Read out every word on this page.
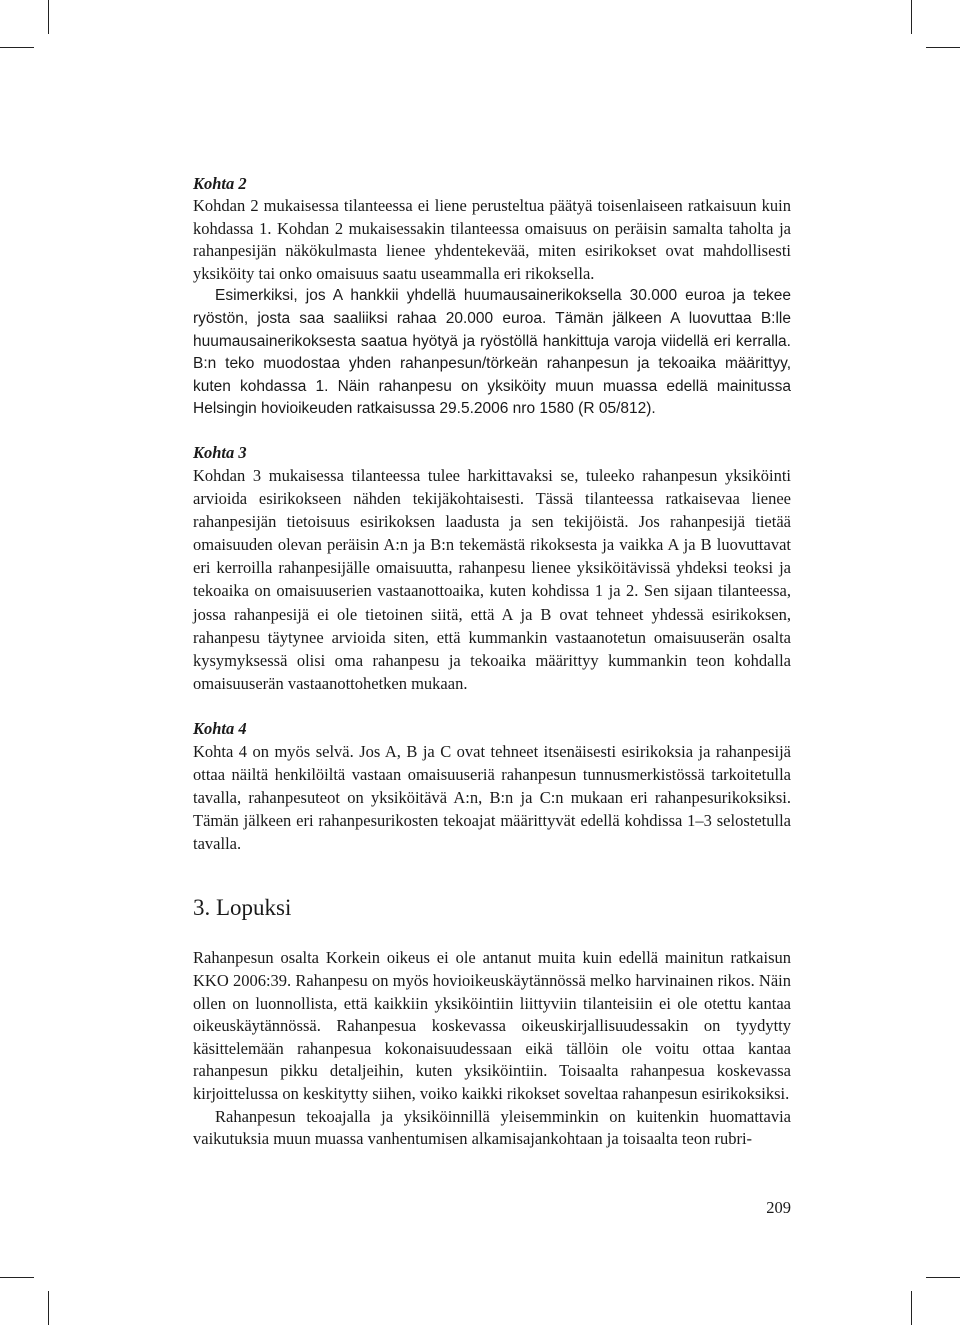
Kohta 2

Kohdan 2 mukaisessa tilanteessa ei liene perusteltua päätyä toisenlaiseen ratkaisuun kuin kohdassa 1. Kohdan 2 mukaisessakin tilanteessa omaisuus on peräisin samalta taholta ja rahanpesijän näkökulmasta lienee yhdentekevää, miten esirikokset ovat mahdollisesti yksiköity tai onko omaisuus saatu useammalla eri rikoksella.

Esimerkiksi, jos A hankkii yhdellä huumausainerikoksella 30.000 euroa ja tekee ryöstön, josta saa saaliiksi rahaa 20.000 euroa. Tämän jälkeen A luovuttaa B:lle huumausainerikoksesta saatua hyötyä ja ryöstöllä hankittuja varoja viidellä eri kerralla. B:n teko muodostaa yhden rahanpesun/törkeän rahanpesun ja tekoaika määrittyy, kuten kohdassa 1. Näin rahanpesu on yksiköity muun muassa edellä mainitussa Helsingin hovioikeuden ratkaisussa 29.5.2006 nro 1580 (R 05/812).

Kohta 3

Kohdan 3 mukaisessa tilanteessa tulee harkittavaksi se, tuleeko rahanpesun yksiköinti arvioida esirikokseen nähden tekijäkohtaisesti. Tässä tilanteessa ratkaisevaa lienee rahanpesijän tietoisuus esirikoksen laadusta ja sen tekijöistä. Jos rahanpesijä tietää omaisuuden olevan peräisin A:n ja B:n tekemästä rikoksesta ja vaikka A ja B luovuttavat eri kerroilla rahanpesijälle omaisuutta, rahanpesu lienee yksiköitävissä yhdeksi teoksi ja tekoaika on omaisuuserien vastaanottoaika, kuten kohdissa 1 ja 2. Sen sijaan tilanteessa, jossa rahanpesijä ei ole tietoinen siitä, että A ja B ovat tehneet yhdessä esirikoksen, rahanpesu täytynee arvioida siten, että kummankin vastaanotetun omaisuuserän osalta kysymyksessä olisi oma rahanpesu ja tekoaika määrittyy kummankin teon kohdalla omaisuuserän vastaanottohetken mukaan.

Kohta 4

Kohta 4 on myös selvä. Jos A, B ja C ovat tehneet itsenäisesti esirikoksia ja rahanpesijä ottaa näiltä henkilöiltä vastaan omaisuuseriä rahanpesun tunnusmerkistössä tarkoitetulla tavalla, rahanpesuteot on yksiköitävä A:n, B:n ja C:n mukaan eri rahanpesurikoksiksi. Tämän jälkeen eri rahanpesurikosten tekoajat määrittyvät edellä kohdissa 1–3 selostetulla tavalla.

3. Lopuksi

Rahanpesun osalta Korkein oikeus ei ole antanut muita kuin edellä mainitun ratkaisun KKO 2006:39. Rahanpesu on myös hovioikeuskäytännössä melko harvinainen rikos. Näin ollen on luonnollista, että kaikkiin yksiköintiin liittyviin tilanteisiin ei ole otettu kantaa oikeuskäytännössä. Rahanpesua koskevassa oikeuskirjallisuudessakin on tyydytty käsittelemään rahanpesua kokonaisuudessaan eikä tällöin ole voitu ottaa kantaa rahanpesun pikku detaljeihin, kuten yksiköintiin. Toisaalta rahanpesua koskevassa kirjoittelussa on keskitytty siihen, voiko kaikki rikokset soveltaa rahanpesun esirikoksiksi.

Rahanpesun tekoajalla ja yksiköinnillä yleisemminkin on kuitenkin huomattavia vaikutuksia muun muassa vanhentumisen alkamisajankohtaan ja toisaalta teon rubri-

209
